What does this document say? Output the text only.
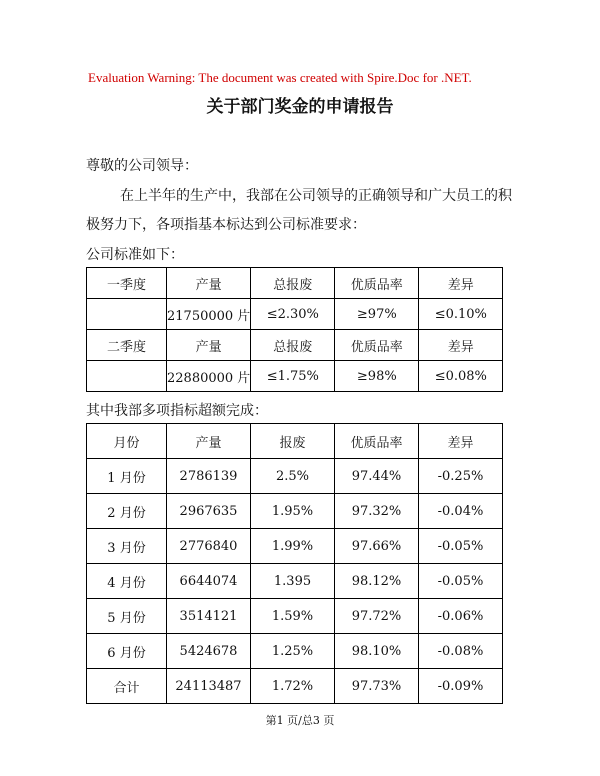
Evaluation Warning: The document was created with Spire.Doc for .NET.
关于部门奖金的申请报告
尊敬的公司领导：
在上半年的生产中，我部在公司领导的正确领导和广大员工的积
极努力下，各项指基本标达到公司标准要求：
公司标准如下：
一季度	产量	总报废	优质品率	差异
	21750000 片	≤2.30%	≥97%	≤0.10%
二季度	产量	总报废	优质品率	差异
	22880000 片	≤1.75%	≥98%	≤0.08%
其中我部多项指标超额完成：
月份	产量	报废	优质品率	差异
1 月份	2786139	2.5%	97.44%	-0.25%
2 月份	2967635	1.95%	97.32%	-0.04%
3 月份	2776840	1.99%	97.66%	-0.05%
4 月份	6644074	1.395	98.12%	-0.05%
5 月份	3514121	1.59%	97.72%	-0.06%
6 月份	5424678	1.25%	98.10%	-0.08%
合计	24113487	1.72%	97.73%	-0.09%
第1 页/总3 页
